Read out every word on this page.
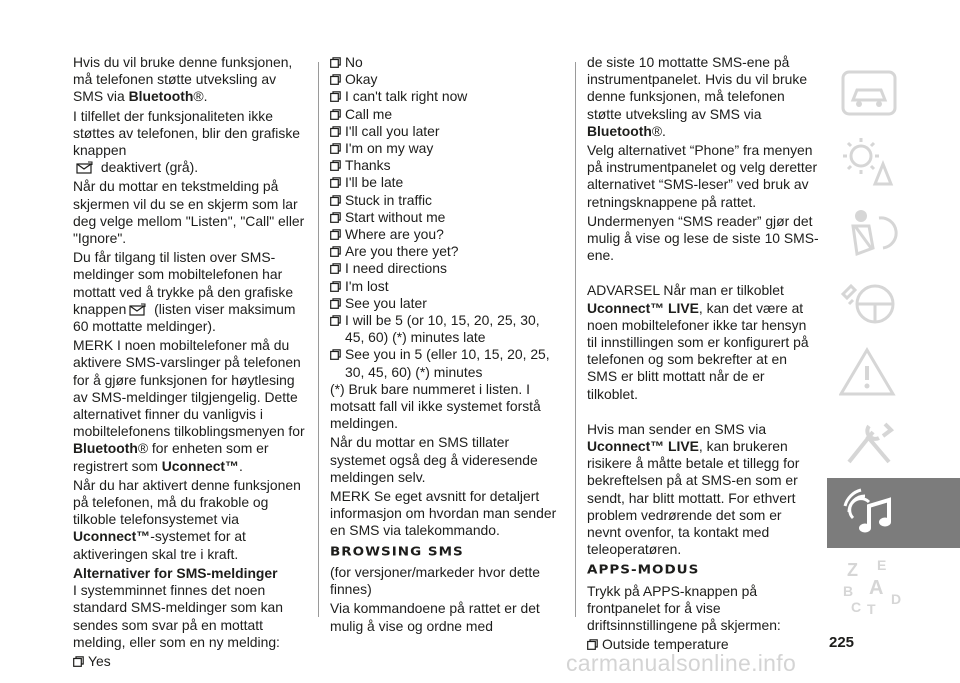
Hvis du vil bruke denne funksjonen, må telefonen støtte utveksling av SMS via Bluetooth®.

I tilfellet der funksjonaliteten ikke støttes av telefonen, blir den grafiske knappen
deaktivert (grå).

Når du mottar en tekstmelding på skjermen vil du se en skjerm som lar deg velge mellom "Listen", "Call" eller "Ignore".

Du får tilgang til listen over SMS-meldinger som mobiltelefonen har mottatt ved å trykke på den grafiske knappen (listen viser maksimum 60 mottatte meldinger).

MERK I noen mobiltelefoner må du aktivere SMS-varslinger på telefonen for å gjøre funksjonen for høytlesing av SMS-meldinger tilgjengelig. Dette alternativet finner du vanligvis i mobiltelefonens tilkoblingsmenyen for Bluetooth® for enheten som er registrert som Uconnect™.

Når du har aktivert denne funksjonen på telefonen, må du frakoble og tilkoble telefonsystemet via Uconnect™-systemet for at aktiveringen skal tre i kraft.

Alternativer for SMS-meldinger

I systemminnet finnes det noen standard SMS-meldinger som kan sendes som svar på en mottatt melding, eller som en ny melding:

Yes
No
Okay
I can't talk right now
Call me
I'll call you later
I'm on my way
Thanks
I'll be late
Stuck in traffic
Start without me
Where are you?
Are you there yet?
I need directions
I'm lost
See you later
I will be 5 (or 10, 15, 20, 25, 30, 45, 60) (*) minutes late
See you in 5 (eller 10, 15, 20, 25, 30, 45, 60) (*) minutes

(*) Bruk bare nummeret i listen. I motsatt fall vil ikke systemet forstå meldingen.

Når du mottar en SMS tillater systemet også deg å videresende meldingen selv.

MERK Se eget avsnitt for detaljert informasjon om hvordan man sender en SMS via talekommando.

BROWSING SMS

(for versjoner/markeder hvor dette finnes)

Via kommandoene på rattet er det mulig å vise og ordne med

de siste 10 mottatte SMS-ene på instrumentpanelet. Hvis du vil bruke denne funksjonen, må telefonen støtte utveksling av SMS via Bluetooth®.

Velg alternativet “Phone” fra menyen på instrumentpanelet og velg deretter alternativet “SMS-leser” ved bruk av retningsknappene på rattet.

Undermenyen “SMS reader” gjør det mulig å vise og lese de siste 10 SMS-ene.

ADVARSEL Når man er tilkoblet
Uconnect™ LIVE, kan det være at noen mobiltelefoner ikke tar hensyn til innstillingen som er konfigurert på telefonen og som bekrefter at en SMS er blitt mottatt når de er tilkoblet.

Hvis man sender en SMS via
Uconnect™ LIVE, kan brukeren risikere å måtte betale et tillegg for bekreftelsen på at SMS-en som er sendt, har blitt mottatt. For ethvert problem vedrørende det som er nevnt ovenfor, ta kontakt med teleoperatøren.

APPS-MODUS

Trykk på APPS-knappen på frontpanelet for å vise driftsinnstillingene på skjermen:

Outside temperature
Z E
B A
C T
D
225
carmanualsonline.info
